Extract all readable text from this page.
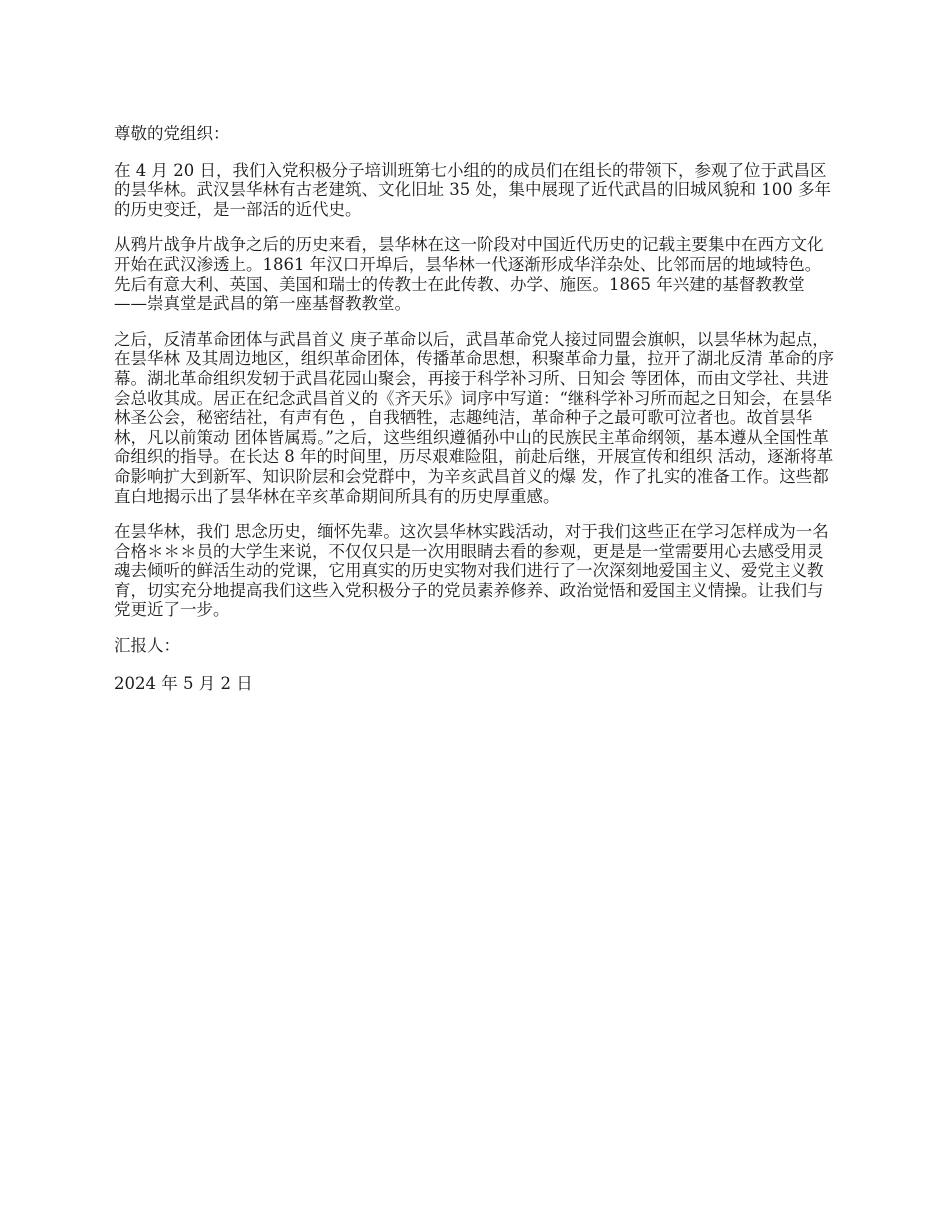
尊敬的党组织：

在 4 月 20 日，我们入党积极分子培训班第七小组的的成员们在组长的带领下，参观了位于武昌区的昙华林。武汉昙华林有古老建筑、文化旧址 35 处，集中展现了近代武昌的旧城风貌和 100 多年的历史变迁，是一部活的近代史。

从鸦片战争片战争之后的历史来看，昙华林在这一阶段对中国近代历史的记载主要集中在西方文化开始在武汉渗透上。1861 年汉口开埠后，昙华林一代逐渐形成华洋杂处、比邻而居的地域特色。先后有意大利、英国、美国和瑞士的传教士在此传教、办学、施医。1865 年兴建的基督教教堂——崇真堂是武昌的第一座基督教教堂。

之后，反清革命团体与武昌首义 庚子革命以后，武昌革命党人接过同盟会旗帜，以昙华林为起点，在昙华林 及其周边地区，组织革命团体，传播革命思想，积聚革命力量，拉开了湖北反清 革命的序幕。湖北革命组织发轫于武昌花园山聚会，再接于科学补习所、日知会 等团体，而由文学社、共进会总收其成。居正在纪念武昌首义的《齐天乐》词序中写道：“继科学补习所而起之日知会，在昙华林圣公会，秘密结社，有声有色 ，自我牺牲，志趣纯洁，革命种子之最可歌可泣者也。故首昙华林，凡以前策动 团体皆属焉。”之后，这些组织遵循孙中山的民族民主革命纲领，基本遵从全国性革 命组织的指导。在长达 8 年的时间里，历尽艰难险阻，前赴后继，开展宣传和组织 活动，逐渐将革命影响扩大到新军、知识阶层和会党群中，为辛亥武昌首义的爆 发，作了扎实的准备工作。这些都直白地揭示出了昙华林在辛亥革命期间所具有的历史厚重感。

在昙华林，我们 思念历史，缅怀先辈。这次昙华林实践活动，对于我们这些正在学习怎样成为一名合格＊＊＊员的大学生来说，不仅仅只是一次用眼睛去看的参观，更是是一堂需要用心去感受用灵魂去倾听的鲜活生动的党课，它用真实的历史实物对我们进行了一次深刻地爱国主义、爱党主义教育，切实充分地提高我们这些入党积极分子的党员素养修养、政治觉悟和爱国主义情操。让我们与党更近了一步。

汇报人：

2024 年 5 月 2 日
